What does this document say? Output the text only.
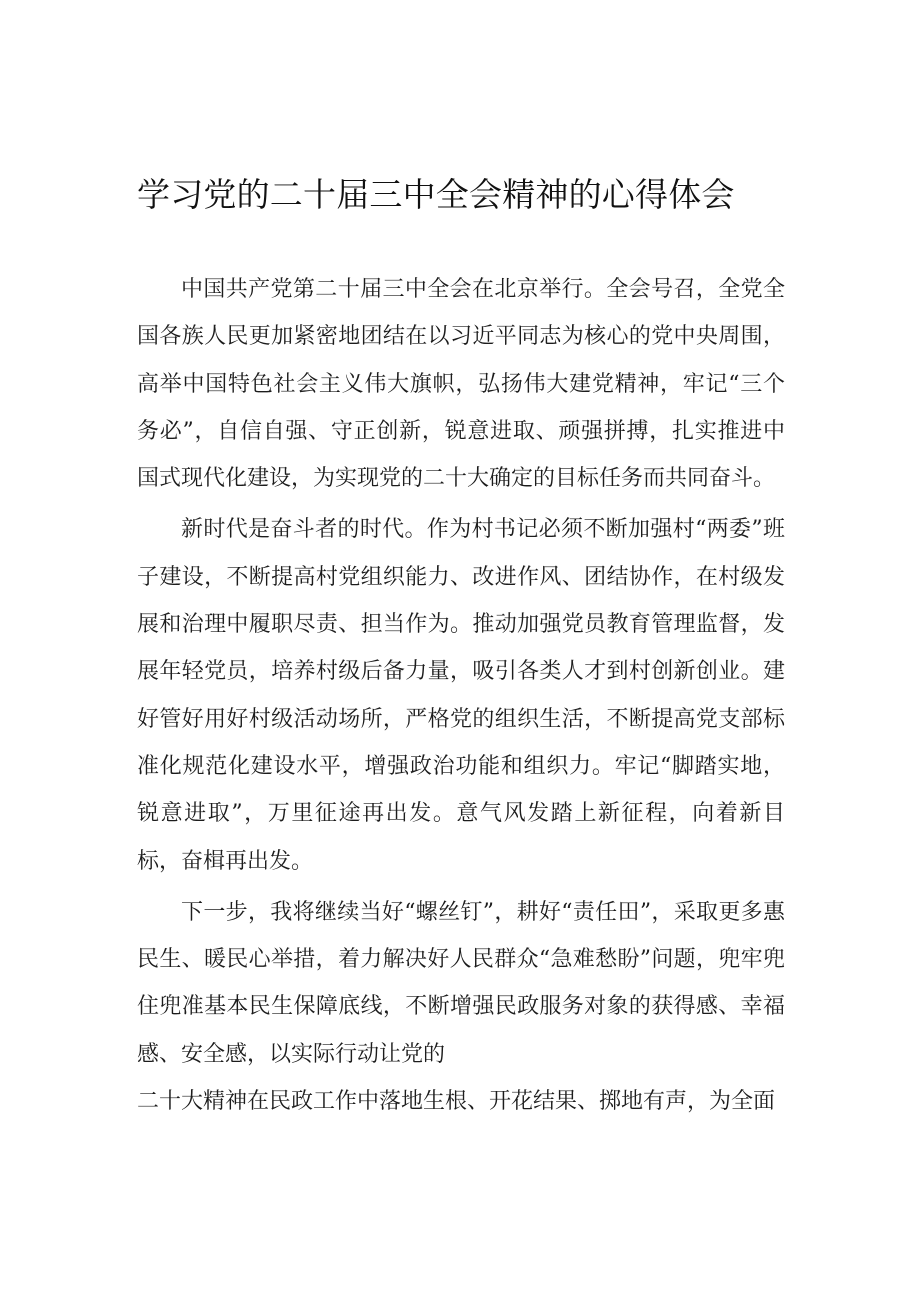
学习党的二十届三中全会精神的心得体会

中国共产党第二十届三中全会在北京举行。全会号召，全党全国各族人民更加紧密地团结在以习近平同志为核心的党中央周围，高举中国特色社会主义伟大旗帜，弘扬伟大建党精神，牢记“三个务必”，自信自强、守正创新，锐意进取、顽强拼搏，扎实推进中国式现代化建设，为实现党的二十大确定的目标任务而共同奋斗。

新时代是奋斗者的时代。作为村书记必须不断加强村“两委”班子建设，不断提高村党组织能力、改进作风、团结协作，在村级发展和治理中履职尽责、担当作为。推动加强党员教育管理监督，发展年轻党员，培养村级后备力量，吸引各类人才到村创新创业。建好管好用好村级活动场所，严格党的组织生活，不断提高党支部标准化规范化建设水平，增强政治功能和组织力。牢记“脚踏实地，锐意进取”，万里征途再出发。意气风发踏上新征程，向着新目标，奋楫再出发。

下一步，我将继续当好“螺丝钉”，耕好“责任田”，采取更多惠民生、暖民心举措，着力解决好人民群众“急难愁盼”问题，兜牢兜住兜准基本民生保障底线，不断增强民政服务对象的获得感、幸福感、安全感，以实际行动让党的

二十大精神在民政工作中落地生根、开花结果、掷地有声，为全面
